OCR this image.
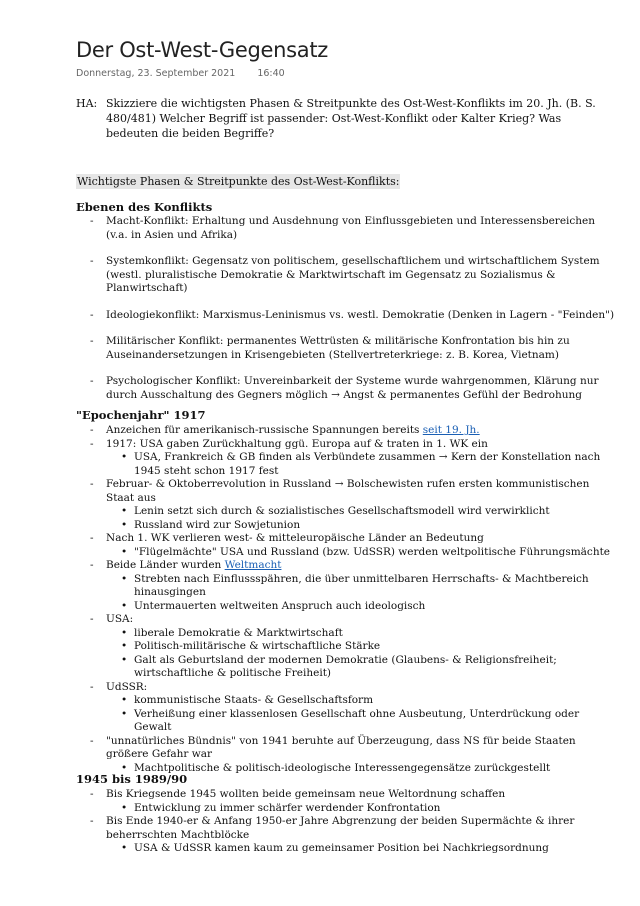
Der Ost-West-Gegensatz
Donnerstag, 23. September 2021 16:40
HA: Skizziere die wichtigsten Phasen & Streitpunkte des Ost-West-Konflikts im 20. Jh. (B. S. 480/481) Welcher Begriff ist passender: Ost-West-Konflikt oder Kalter Krieg? Was bedeuten die beiden Begriffe?
Wichtigste Phasen & Streitpunkte des Ost-West-Konflikts:
Ebenen des Konflikts
- Macht-Konflikt: Erhaltung und Ausdehnung von Einflussgebieten und Interessensbereichen (v.a. in Asien und Afrika)
- Systemkonflikt: Gegensatz von politischem, gesellschaftlichem und wirtschaftlichem System (westl. pluralistische Demokratie & Marktwirtschaft im Gegensatz zu Sozialismus & Planwirtschaft)
- Ideologiekonflikt: Marxismus-Leninismus vs. westl. Demokratie (Denken in Lagern - "Feinden")
- Militärischer Konflikt: permanentes Wettrüsten & militärische Konfrontation bis hin zu Auseinandersetzungen in Krisengebieten (Stellvertreterkriege: z. B. Korea, Vietnam)
- Psychologischer Konflikt: Unvereinbarkeit der Systeme wurde wahrgenommen, Klärung nur durch Ausschaltung des Gegners möglich → Angst & permanentes Gefühl der Bedrohung
"Epochenjahr" 1917
- Anzeichen für amerikanisch-russische Spannungen bereits seit 19. Jh.
- 1917: USA gaben Zurückhaltung ggü. Europa auf & traten in 1. WK ein
• USA, Frankreich & GB finden als Verbündete zusammen → Kern der Konstellation nach 1945 steht schon 1917 fest
- Februar- & Oktoberrevolution in Russland → Bolschewisten rufen ersten kommunistischen Staat aus
• Lenin setzt sich durch & sozialistisches Gesellschaftsmodell wird verwirklicht
• Russland wird zur Sowjetunion
- Nach 1. WK verlieren west- & mitteleuropäische Länder an Bedeutung
• "Flügelmächte" USA und Russland (bzw. UdSSR) werden weltpolitische Führungsmächte
- Beide Länder wurden Weltmacht
• Strebten nach Einflussspähren, die über unmittelbaren Herrschafts- & Machtbereich hinausgingen
• Untermauerten weltweiten Anspruch auch ideologisch
- USA:
• liberale Demokratie & Marktwirtschaft
• Politisch-militärische & wirtschaftliche Stärke
• Galt als Geburtsland der modernen Demokratie (Glaubens- & Religionsfreiheit; wirtschaftliche & politische Freiheit)
- UdSSR:
• kommunistische Staats- & Gesellschaftsform
• Verheißung einer klassenlosen Gesellschaft ohne Ausbeutung, Unterdrückung oder Gewalt
- "unnatürliches Bündnis" von 1941 beruhte auf Überzeugung, dass NS für beide Staaten größere Gefahr war
• Machtpolitische & politisch-ideologische Interessengegensätze zurückgestellt
1945 bis 1989/90
- Bis Kriegsende 1945 wollten beide gemeinsam neue Weltordnung schaffen
• Entwicklung zu immer schärfer werdender Konfrontation
- Bis Ende 1940-er & Anfang 1950-er Jahre Abgrenzung der beiden Supermächte & ihrer beherrschten Machtblöcke
• USA & UdSSR kamen kaum zu gemeinsamer Position bei Nachkriegsordnung
